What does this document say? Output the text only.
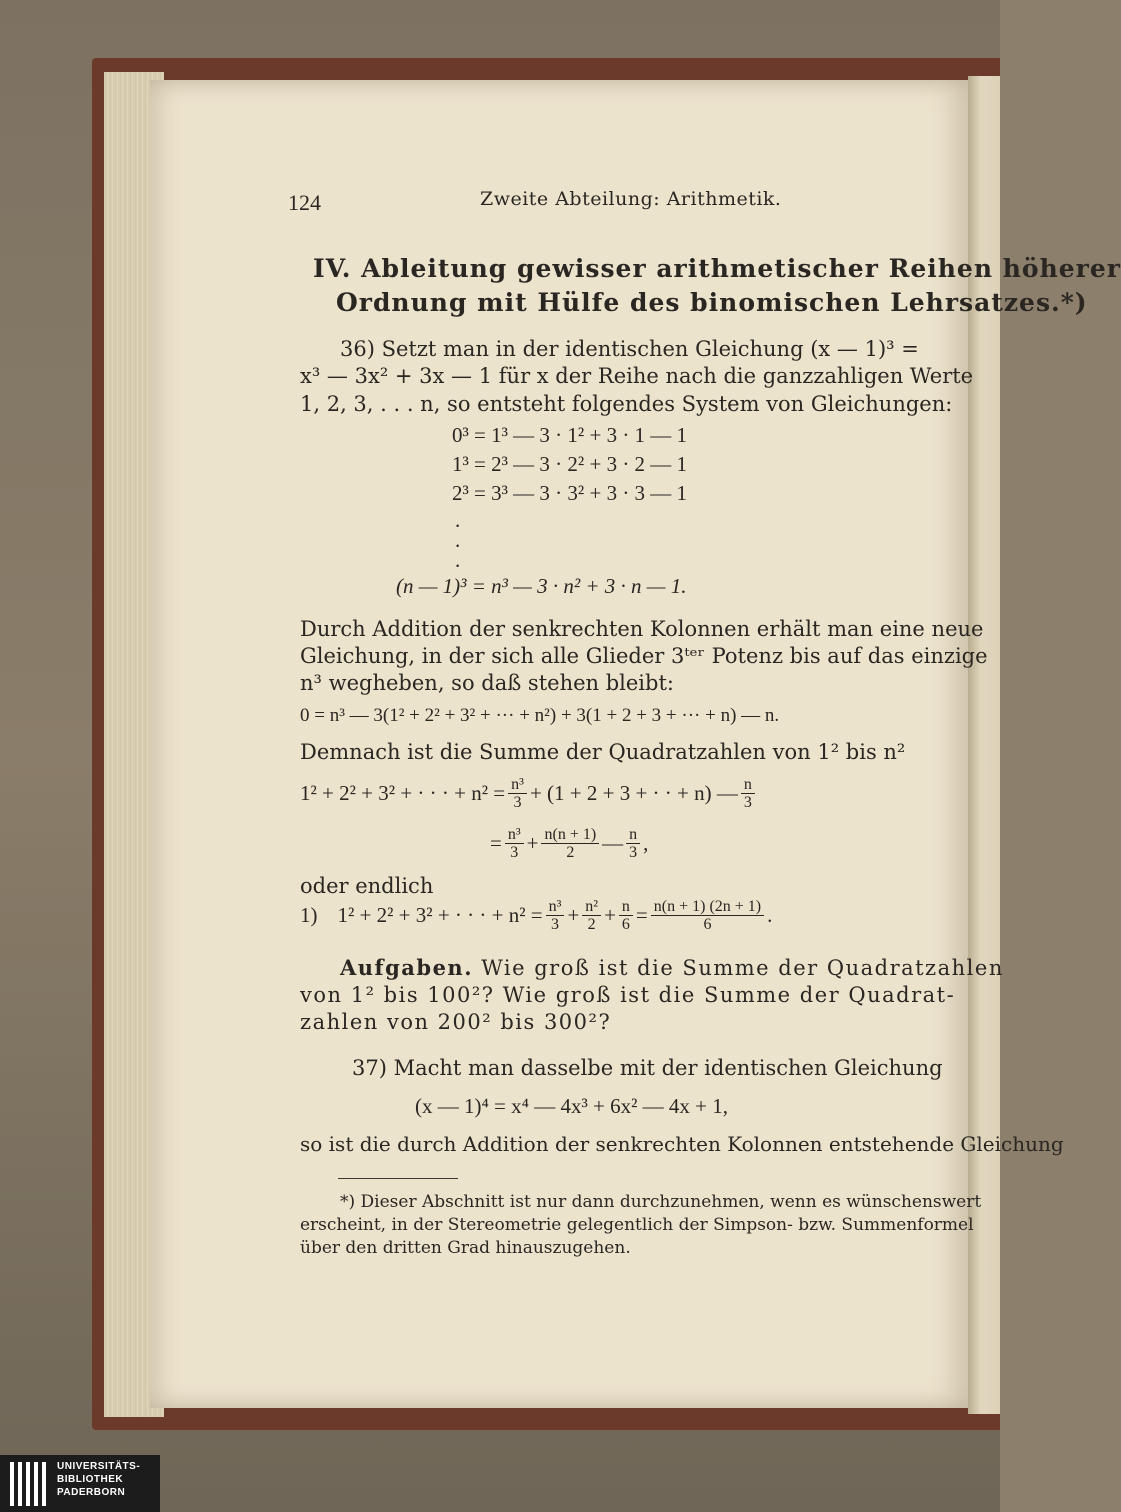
124	Zweite Abteilung: Arithmetik.
IV. Ableitung gewisser arithmetischer Reihen höherer
Ordnung mit Hülfe des binomischen Lehrsatzes.*)
36) Setzt man in der identischen Gleichung (x — 1)³ =
x³ — 3x² + 3x — 1 für x der Reihe nach die ganzzahligen Werte
1, 2, 3, . . . n, so entsteht folgendes System von Gleichungen:
0³ = 1³ — 3 · 1² + 3 · 1 — 1
1³ = 2³ — 3 · 2² + 3 · 2 — 1
2³ = 3³ — 3 · 3² + 3 · 3 — 1
.
.
.
(n — 1)³ = n³ — 3 · n² + 3 · n — 1.
Durch Addition der senkrechten Kolonnen erhält man eine neue
Gleichung, in der sich alle Glieder 3ᵗᵉʳ Potenz bis auf das einzige
n³ wegheben, so daß stehen bleibt:
0 = n³ — 3(1² + 2² + 3² + ··· + n²) + 3(1 + 2 + 3 + ··· + n) — n.
Demnach ist die Summe der Quadratzahlen von 1² bis n²
1² + 2² + 3² + · · · + $n^2 = \frac{\text{n³}}{3} + (1 + 2 + 3$ + · · + n) — $\frac{n}{3}$
= $\frac{\text{n³}}{3} + \frac{n(n + 1)}{2}$ — $\frac{n}{3}$ ,
oder endlich
1) 1² + 2² + 3² + · · · + $n^2 = \frac{\text{n³}}{3} + \frac{\text{n²}}{2} + \frac{n}{6} = \frac{n(n + 1) (2n + 1)}{6}$ .
Aufgaben. Wie groß ist die Summe der Quadratzahlen
von 1² bis 100²? Wie groß ist die Summe der Quadrat-
zahlen von 200² bis 300²?
37) Macht man dasselbe mit der identischen Gleichung
(x — 1)⁴ = x⁴ — 4x³ + 6x² — 4x + 1,
so ist die durch Addition der senkrechten Kolonnen entstehende Gleichung
*) Dieser Abschnitt ist nur dann durchzunehmen, wenn es wünschenswert
erscheint, in der Stereometrie gelegentlich der Simpson- bzw. Summenformel
über den dritten Grad hinauszugehen.
UNIVERSITÄTS-
BIBLIOTHEK
PADERBORN
